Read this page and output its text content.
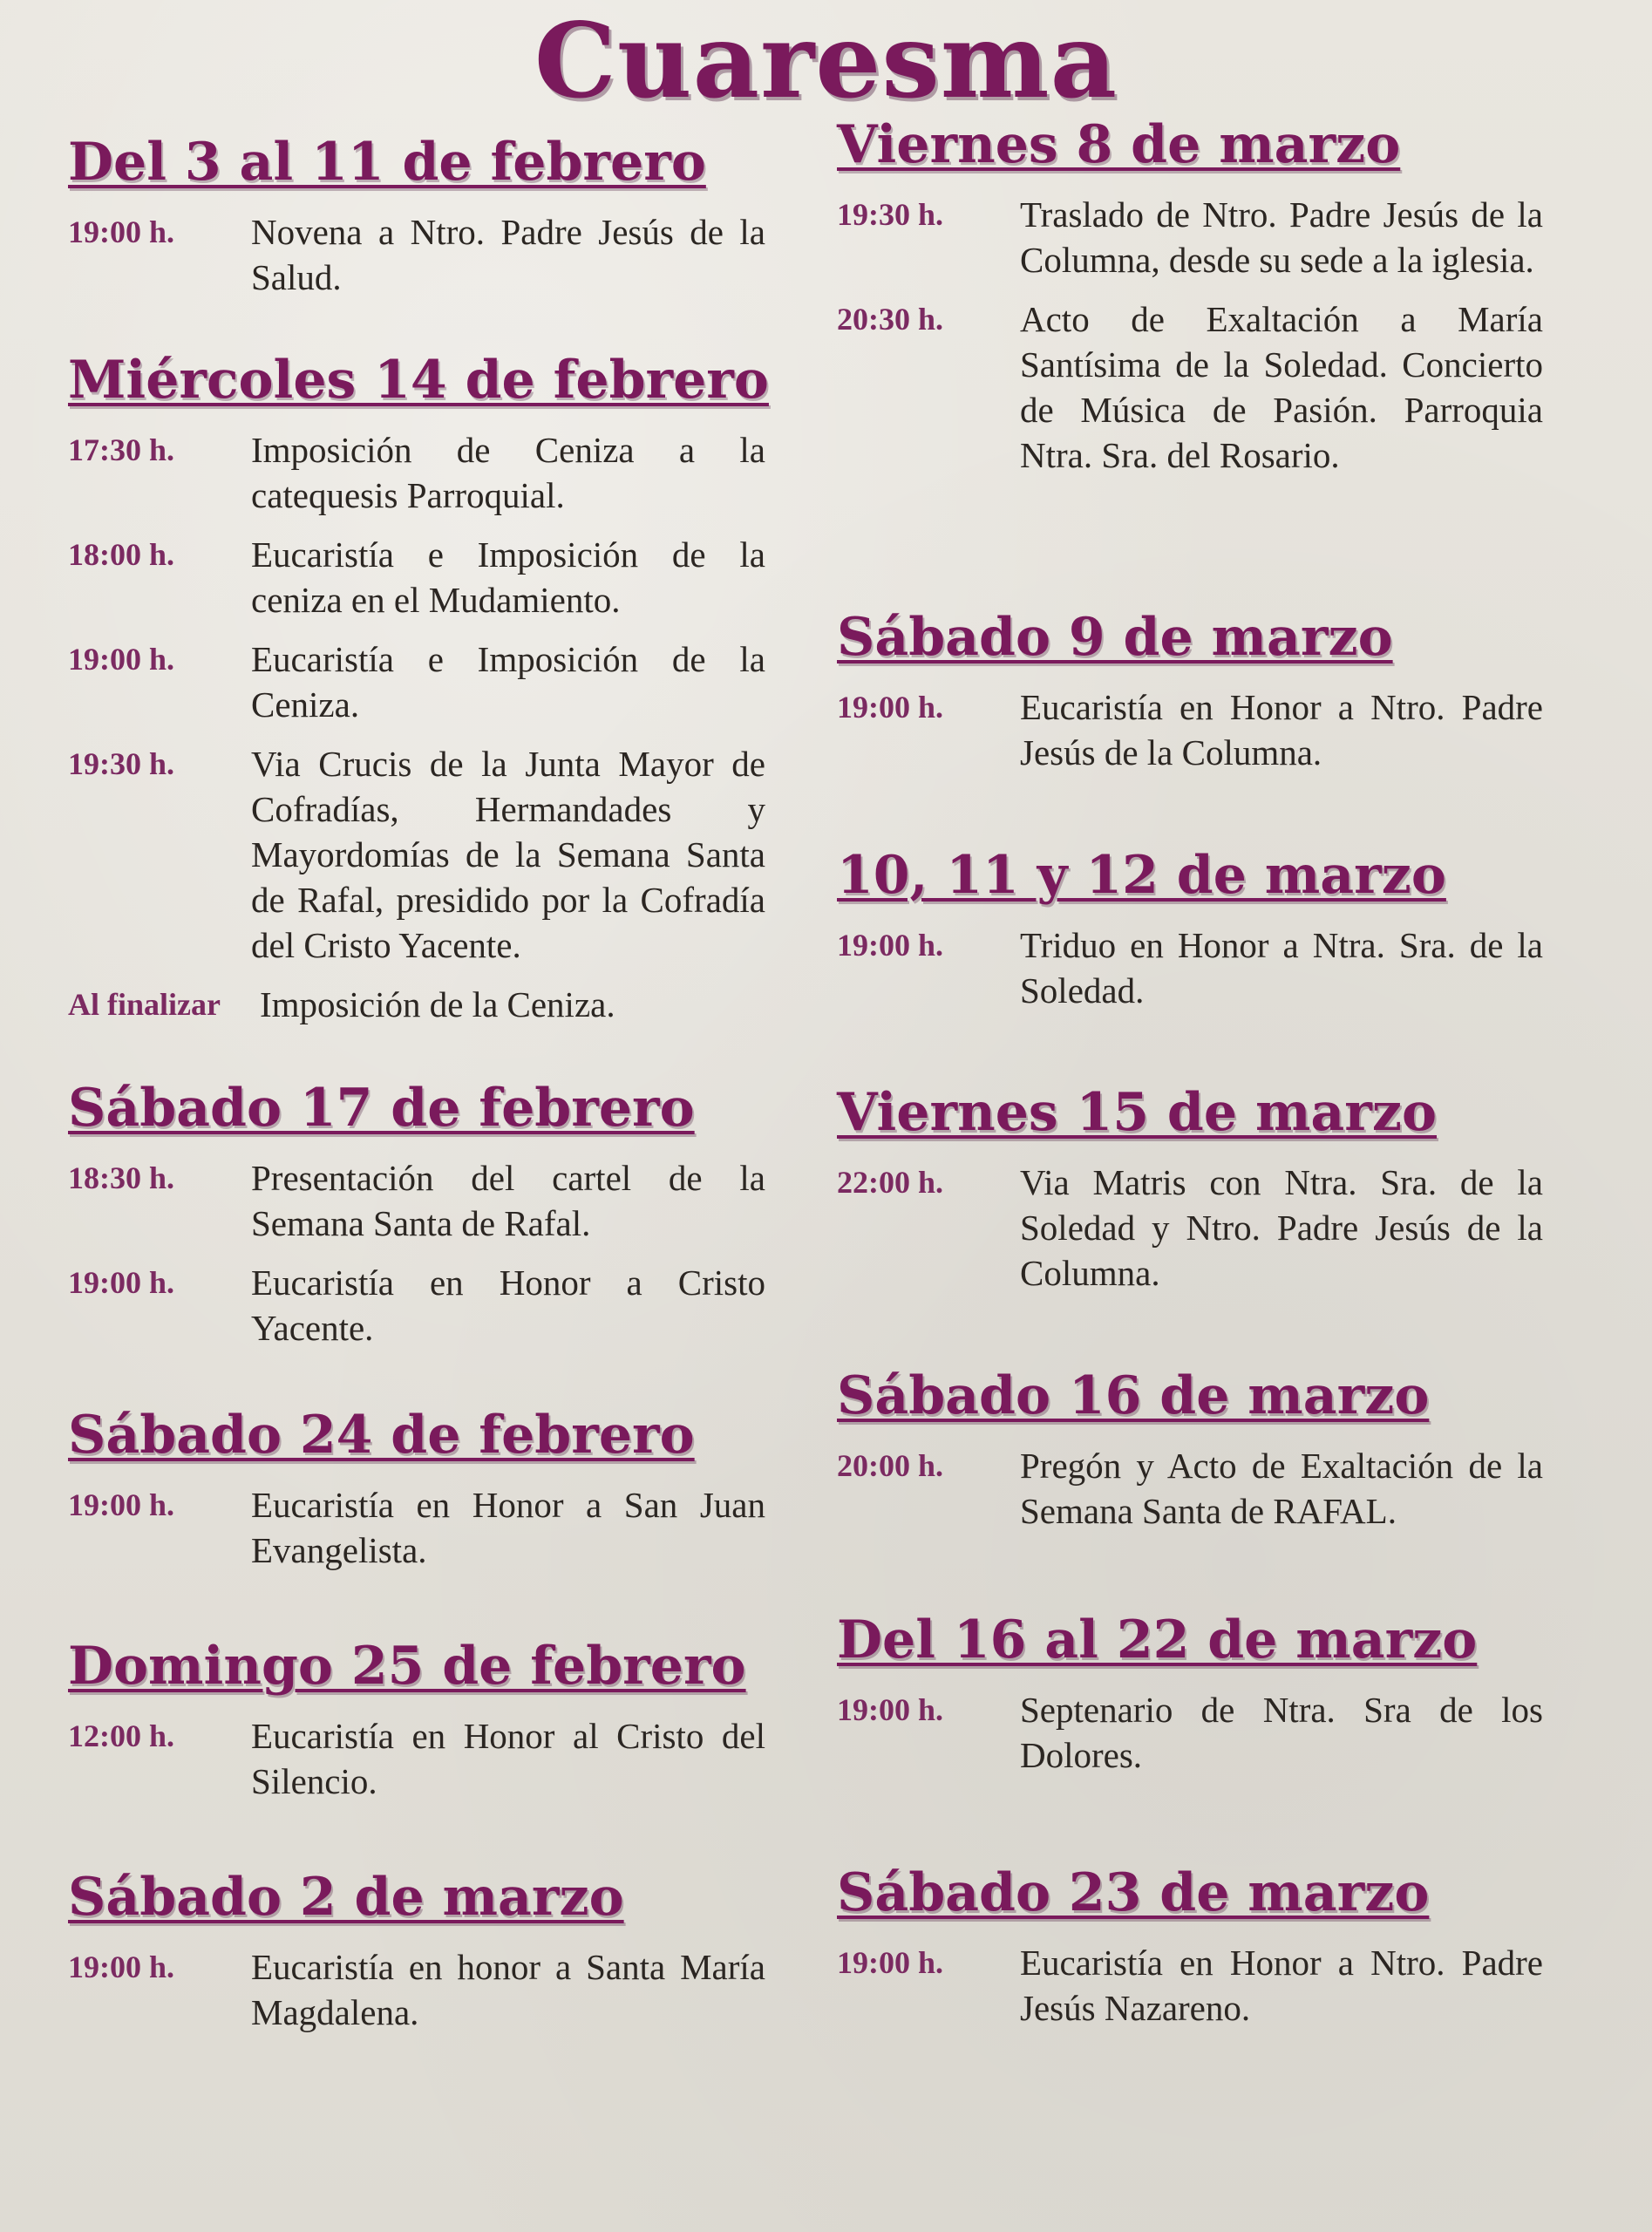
Cuaresma
Del 3 al 11 de febrero
19:00 h.	Novena a Ntro. Padre Jesús de la Salud.
Miércoles 14 de febrero
17:30 h.	Imposición de Ceniza a la catequesis Parroquial.
18:00 h.	Eucaristía e Imposición de la ceniza en el Mudamiento.
19:00 h.	Eucaristía e Imposición de la Ceniza.
19:30 h.	Via Crucis de la Junta Mayor de Cofradías, Hermandades y Mayordomías de la Semana Santa de Rafal, presidido por la Cofradía del Cristo Yacente.
Al finalizar	Imposición de la Ceniza.
Sábado 17 de febrero
18:30 h.	Presentación del cartel de la Semana Santa de Rafal.
19:00 h.	Eucaristía en Honor a Cristo Yacente.
Sábado 24 de febrero
19:00 h.	Eucaristía en Honor a San Juan Evangelista.
Domingo 25 de febrero
12:00 h.	Eucaristía en Honor al Cristo del Silencio.
Sábado 2 de marzo
19:00 h.	Eucaristía en honor a Santa María Magdalena.
Viernes 8 de marzo
19:30 h.	Traslado de Ntro. Padre Jesús de la Columna, desde su sede a la iglesia.
20:30 h.	Acto de Exaltación a María Santísima de la Soledad. Concierto de Música de Pasión. Parroquia Ntra. Sra. del Rosario.
Sábado 9 de marzo
19:00 h.	Eucaristía en Honor a Ntro. Padre Jesús de la Columna.
10, 11 y 12 de marzo
19:00 h.	Triduo en Honor a Ntra. Sra. de la Soledad.
Viernes 15 de marzo
22:00 h.	Via Matris con Ntra. Sra. de la Soledad y Ntro. Padre Jesús de la Columna.
Sábado 16 de marzo
20:00 h.	Pregón y Acto de Exaltación de la Semana Santa de RAFAL.
Del 16 al 22 de marzo
19:00 h.	Septenario de Ntra. Sra de los Dolores.
Sábado 23 de marzo
19:00 h.	Eucaristía en Honor a Ntro. Padre Jesús Nazareno.
